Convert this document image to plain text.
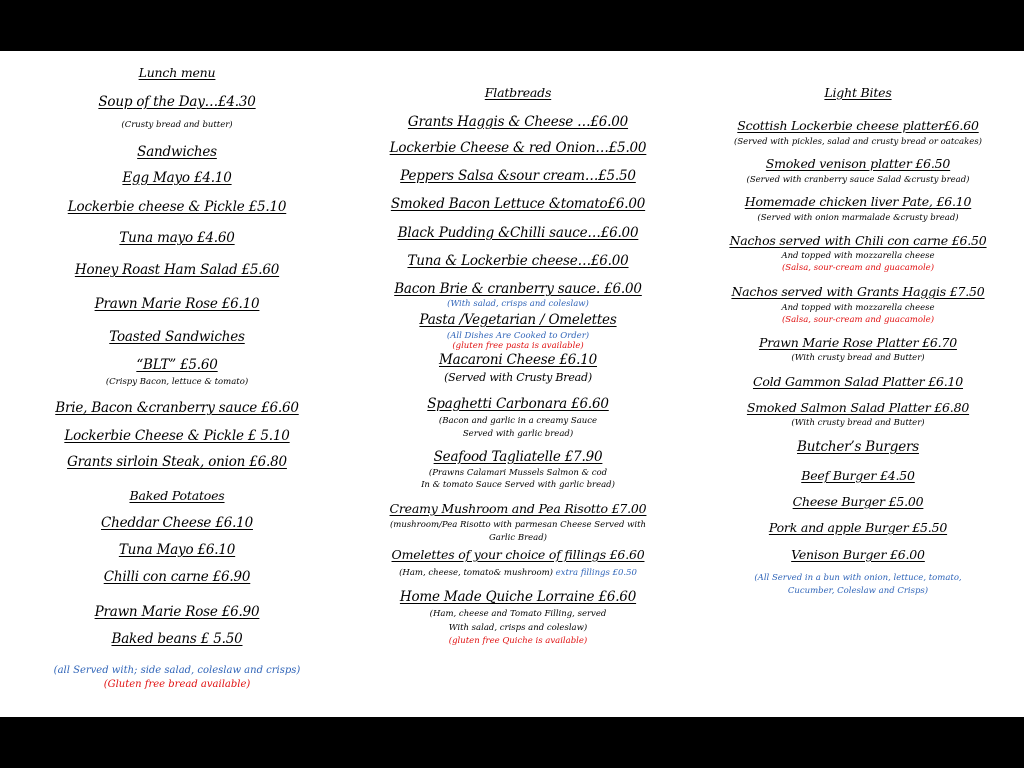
Lunch menu
Soup of the Day…£4.30
(Crusty bread and butter)
Sandwiches
Egg Mayo £4.10
Lockerbie cheese & Pickle £5.10
Tuna mayo £4.60
Honey Roast Ham Salad £5.60
Prawn Marie Rose £6.10
Toasted Sandwiches
“BLT” £5.60
(Crispy Bacon, lettuce & tomato)
Brie, Bacon &cranberry sauce £6.60
Lockerbie Cheese & Pickle £ 5.10
Grants sirloin Steak, onion £6.80
Baked Potatoes
Cheddar Cheese £6.10
Tuna Mayo £6.10
Chilli con carne £6.90
Prawn Marie Rose £6.90
Baked beans £ 5.50
(all Served with; side salad, coleslaw and crisps)
(Gluten free bread available)
Flatbreads
Grants Haggis & Cheese …£6.00
Lockerbie Cheese & red Onion…£5.00
Peppers Salsa &sour cream…£5.50
Smoked Bacon Lettuce &tomato£6.00
Black Pudding &Chilli sauce…£6.00
Tuna & Lockerbie cheese…£6.00
Bacon Brie & cranberry sauce. £6.00
(With salad, crisps and coleslaw)
Pasta /Vegetarian / Omelettes
(All Dishes Are Cooked to Order)
(gluten free pasta is available)
Macaroni Cheese £6.10
(Served with Crusty Bread)
Spaghetti Carbonara £6.60
(Bacon and garlic in a creamy Sauce
Served with garlic bread)
Seafood Tagliatelle £7.90
(Prawns Calamari Mussels Salmon & cod
In & tomato Sauce Served with garlic bread)
Creamy Mushroom and Pea Risotto £7.00
(mushroom/Pea Risotto with parmesan Cheese Served with
Garlic Bread)
Omelettes of your choice of fillings £6.60
(Ham, cheese, tomato& mushroom) extra fillings £0.50
Home Made Quiche Lorraine £6.60
(Ham, cheese and Tomato Filling, served
With salad, crisps and coleslaw)
(gluten free Quiche is available)
Light Bites
Scottish Lockerbie cheese platter£6.60
(Served with pickles, salad and crusty bread or oatcakes)
Smoked venison platter £6.50
(Served with cranberry sauce Salad &crusty bread)
Homemade chicken liver Pate, £6.10
(Served with onion marmalade &crusty bread)
Nachos served with Chili con carne £6.50
And topped with mozzarella cheese
(Salsa, sour-cream and guacamole)
Nachos served with Grants Haggis £7.50
And topped with mozzarella cheese
(Salsa, sour-cream and guacamole)
Prawn Marie Rose Platter £6.70
(With crusty bread and Butter)
Cold Gammon Salad Platter £6.10
Smoked Salmon Salad Platter £6.80
(With crusty bread and Butter)
Butcher’s Burgers
Beef Burger £4.50
Cheese Burger £5.00
Pork and apple Burger £5.50
Venison Burger £6.00
(All Served in a bun with onion, lettuce, tomato,
Cucumber, Coleslaw and Crisps)
